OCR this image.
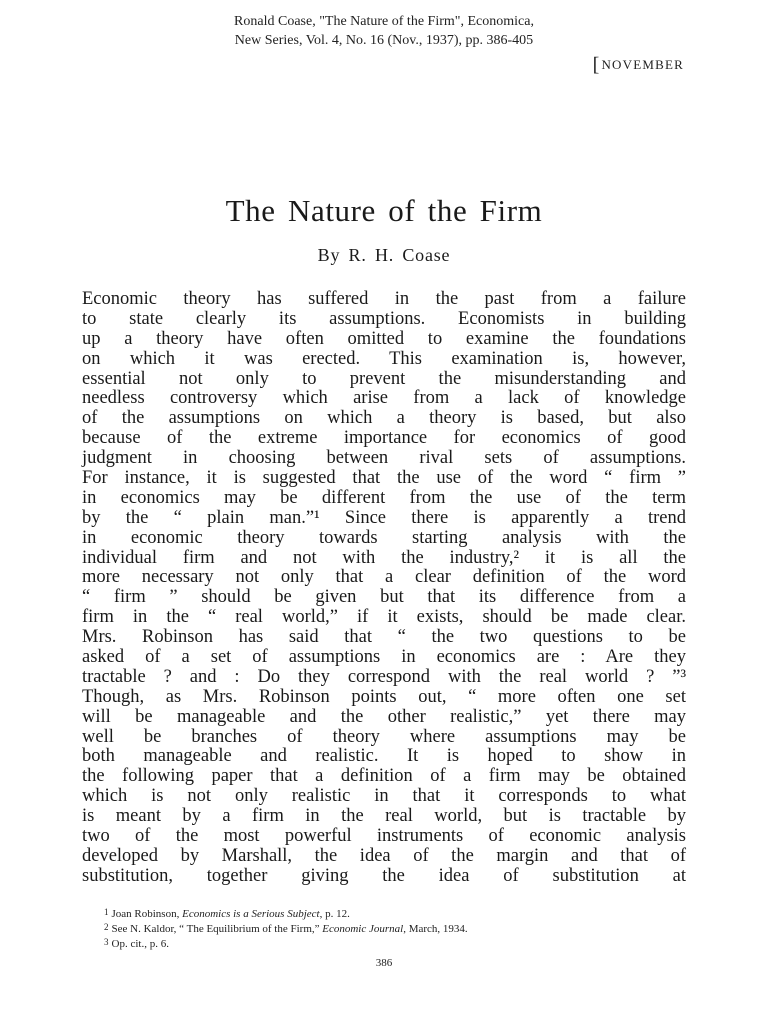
Ronald Coase, "The Nature of the Firm", Economica,
New Series, Vol. 4, No. 16 (Nov., 1937), pp. 386-405
[NOVEMBER
The Nature of the Firm
By R. H. Coase
Economic theory has suffered in the past from a failure
to state clearly its assumptions. Economists in building
up a theory have often omitted to examine the foundations
on which it was erected. This examination is, however,
essential not only to prevent the misunderstanding and
needless controversy which arise from a lack of knowledge
of the assumptions on which a theory is based, but also
because of the extreme importance for economics of good
judgment in choosing between rival sets of assumptions.
For instance, it is suggested that the use of the word “ firm ”
in economics may be different from the use of the term
by the “ plain man.”¹ Since there is apparently a trend
in economic theory towards starting analysis with the
individual firm and not with the industry,² it is all the
more necessary not only that a clear definition of the word
“ firm ” should be given but that its difference from a
firm in the “ real world,” if it exists, should be made clear.
Mrs. Robinson has said that “ the two questions to be
asked of a set of assumptions in economics are : Are they
tractable ? and : Do they correspond with the real world ? ”³
Though, as Mrs. Robinson points out, “ more often one set
will be manageable and the other realistic,” yet there may
well be branches of theory where assumptions may be
both manageable and realistic. It is hoped to show in
the following paper that a definition of a firm may be obtained
which is not only realistic in that it corresponds to what
is meant by a firm in the real world, but is tractable by
two of the most powerful instruments of economic analysis
developed by Marshall, the idea of the margin and that of
substitution, together giving the idea of substitution at
1 Joan Robinson, Economics is a Serious Subject, p. 12.
2 See N. Kaldor, “ The Equilibrium of the Firm,” Economic Journal, March, 1934.
3 Op. cit., p. 6.
386
